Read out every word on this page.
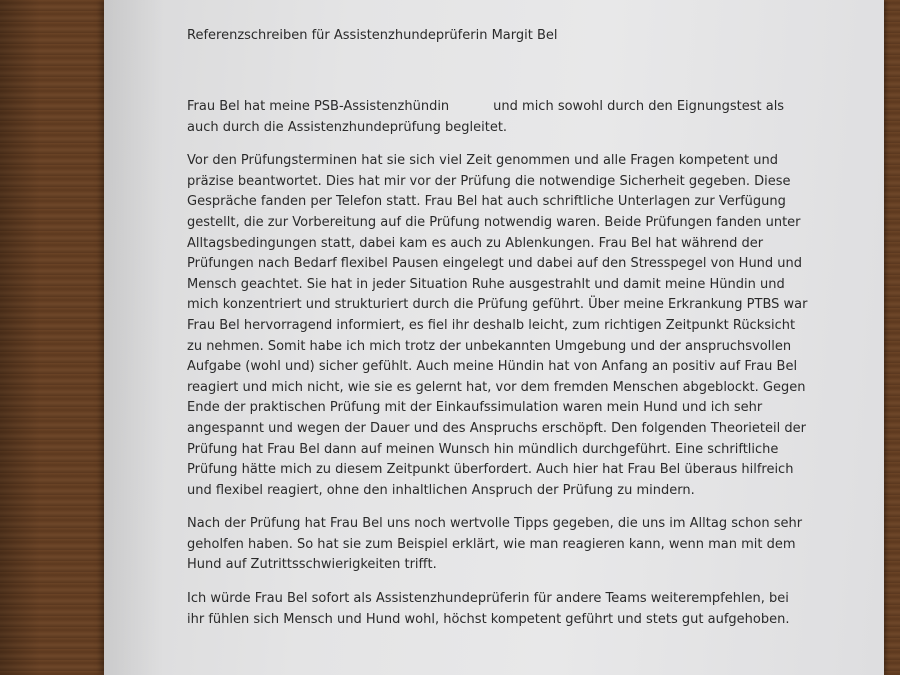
Referenzschreiben für Assistenzhundeprüferin Margit Bel

Frau Bel hat meine PSB-Assistenzhündin	und mich sowohl durch den Eignungstest als
auch durch die Assistenzhundeprüfung begleitet.

Vor den Prüfungsterminen hat sie sich viel Zeit genommen und alle Fragen kompetent und
präzise beantwortet. Dies hat mir vor der Prüfung die notwendige Sicherheit gegeben. Diese
Gespräche fanden per Telefon statt. Frau Bel hat auch schriftliche Unterlagen zur Verfügung
gestellt, die zur Vorbereitung auf die Prüfung notwendig waren. Beide Prüfungen fanden unter
Alltagsbedingungen statt, dabei kam es auch zu Ablenkungen. Frau Bel hat während der
Prüfungen nach Bedarf flexibel Pausen eingelegt und dabei auf den Stresspegel von Hund und
Mensch geachtet. Sie hat in jeder Situation Ruhe ausgestrahlt und damit meine Hündin und
mich konzentriert und strukturiert durch die Prüfung geführt. Über meine Erkrankung PTBS war
Frau Bel hervorragend informiert, es fiel ihr deshalb leicht, zum richtigen Zeitpunkt Rücksicht
zu nehmen. Somit habe ich mich trotz der unbekannten Umgebung und der anspruchsvollen
Aufgabe (wohl und) sicher gefühlt. Auch meine Hündin hat von Anfang an positiv auf Frau Bel
reagiert und mich nicht, wie sie es gelernt hat, vor dem fremden Menschen abgeblockt. Gegen
Ende der praktischen Prüfung mit der Einkaufssimulation waren mein Hund und ich sehr
angespannt und wegen der Dauer und des Anspruchs erschöpft. Den folgenden Theorieteil der
Prüfung hat Frau Bel dann auf meinen Wunsch hin mündlich durchgeführt. Eine schriftliche
Prüfung hätte mich zu diesem Zeitpunkt überfordert. Auch hier hat Frau Bel überaus hilfreich
und flexibel reagiert, ohne den inhaltlichen Anspruch der Prüfung zu mindern.

Nach der Prüfung hat Frau Bel uns noch wertvolle Tipps gegeben, die uns im Alltag schon sehr
geholfen haben. So hat sie zum Beispiel erklärt, wie man reagieren kann, wenn man mit dem
Hund auf Zutrittsschwierigkeiten trifft.

Ich würde Frau Bel sofort als Assistenzhundeprüferin für andere Teams weiterempfehlen, bei
ihr fühlen sich Mensch und Hund wohl, höchst kompetent geführt und stets gut aufgehoben.
